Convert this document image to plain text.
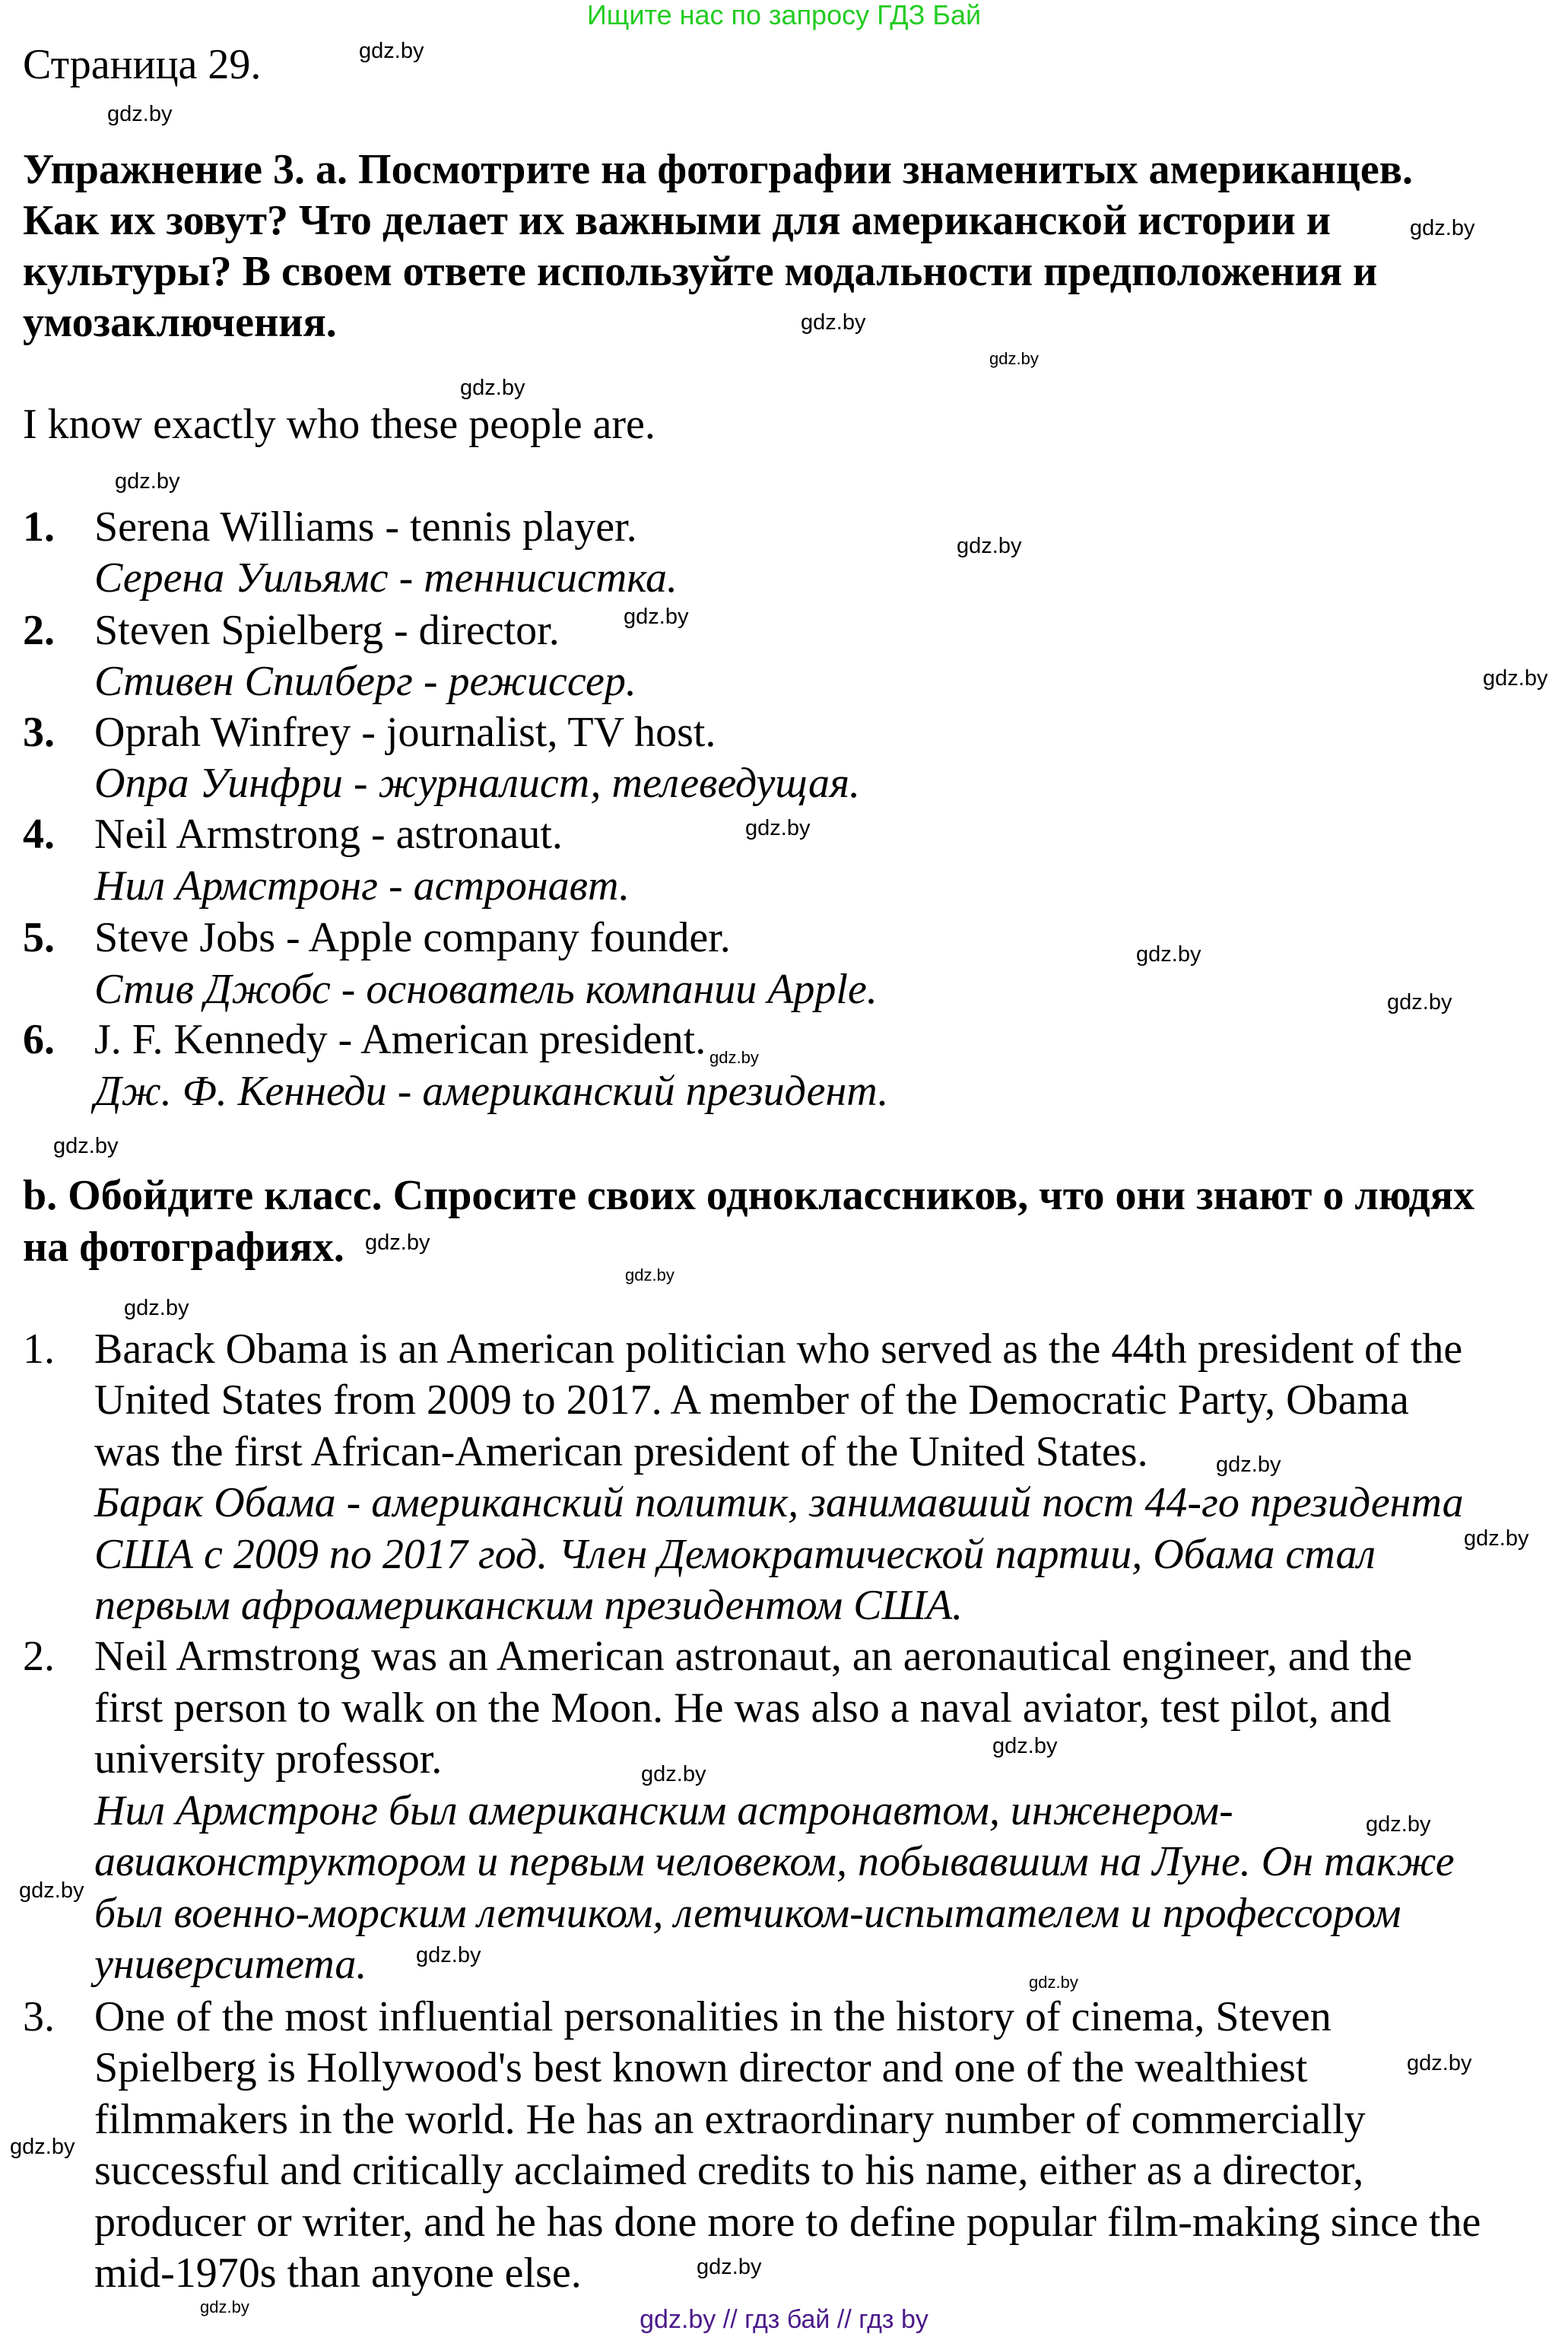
Ищите нас по запросу ГДЗ Бай
Страница 29.
Упражнение 3. а. Посмотрите на фотографии знаменитых американцев.
Как их зовут? Что делает их важными для американской истории и
культуры? В своем ответе используйте модальности предположения и
умозаключения.
I know exactly who these people are.
1. Serena Williams - tennis player.
Серена Уильямс - теннисистка.
2. Steven Spielberg - director.
Стивен Спилберг - режиссер.
3. Oprah Winfrey - journalist, TV host.
Опра Уинфри - журналист, телеведущая.
4. Neil Armstrong - astronaut.
Нил Армстронг - астронавт.
5. Steve Jobs - Apple company founder.
Стив Джобс - основатель компании Apple.
6. J. F. Kennedy - American president.
Дж. Ф. Кеннеди - американский президент.
b. Обойдите класс. Спросите своих одноклассников, что они знают о людях
на фотографиях.
1. Barack Obama is an American politician who served as the 44th president of the
United States from 2009 to 2017. A member of the Democratic Party, Obama
was the first African-American president of the United States.
Барак Обама - американский политик, занимавший пост 44-го президента
США с 2009 по 2017 год. Член Демократической партии, Обама стал
первым афроамериканским президентом США.
2. Neil Armstrong was an American astronaut, an aeronautical engineer, and the
first person to walk on the Moon. He was also a naval aviator, test pilot, and
university professor.
Нил Армстронг был американским астронавтом, инженером-
авиаконструктором и первым человеком, побывавшим на Луне. Он также
был военно-морским летчиком, летчиком-испытателем и профессором
университета.
3. One of the most influential personalities in the history of cinema, Steven
Spielberg is Hollywood's best known director and one of the wealthiest
filmmakers in the world. He has an extraordinary number of commercially
successful and critically acclaimed credits to his name, either as a director,
producer or writer, and he has done more to define popular film-making since the
mid-1970s than anyone else.
gdz.by
gdz.by
gdz.by
gdz.by
gdz.by
gdz.by
gdz.by
gdz.by
gdz.by
gdz.by
gdz.by
gdz.by
gdz.by
gdz.by
gdz.by
gdz.by
gdz.by
gdz.by
gdz.by
gdz.by
gdz.by
gdz.by
gdz.by
gdz.by
gdz.by
gdz.by
gdz.by
gdz.by
gdz.by
gdz.by	gdz.by // гдз бай // гдз by
